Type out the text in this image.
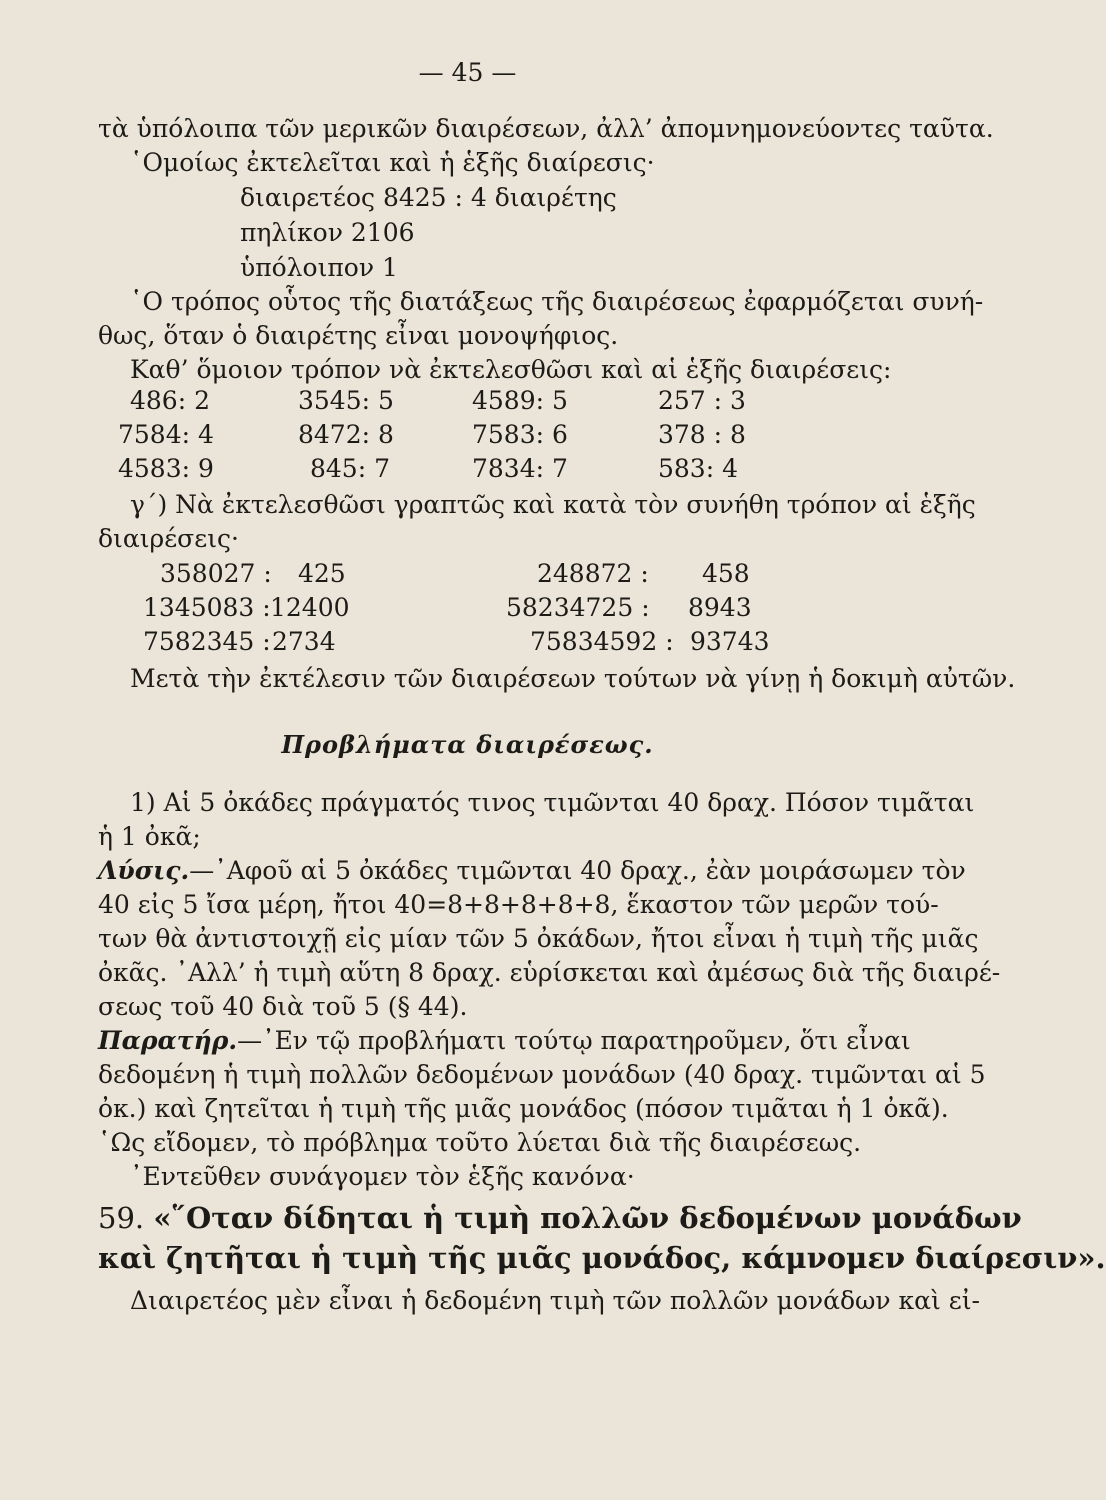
— 45 —
τὰ ὑπόλοιπα τῶν μερικῶν διαιρέσεων, ἀλλ’ ἀπομνημονεύοντες ταῦτα.
῾Ομοίως ἐκτελεῖται καὶ ἡ ἑξῆς διαίρεσις·
διαιρετέος 8425 : 4 διαιρέτης
πηλίκον 2106
ὑπόλοιπον 1
῾Ο τρόπος οὗτος τῆς διατάξεως τῆς διαιρέσεως ἐφαρμόζεται συνή-
θως, ὅταν ὁ διαιρέτης εἶναι μονοψήφιος.
Καθ’ ὅμοιον τρόπον νὰ ἐκτελεσθῶσι καὶ αἱ ἑξῆς διαιρέσεις:
486: 2	3545: 5	4589: 5	257 : 3
7584: 4	8472: 8	7583: 6	378 : 8
4583: 9	845: 7	7834: 7	583: 4
γ΄) Νὰ ἐκτελεσθῶσι γραπτῶς καὶ κατὰ τὸν συνήθη τρόπον αἱ ἑξῆς
διαιρέσεις·
358027 : 425	248872 : 458
1345083 : 12400	58234725 : 8943
7582345 : 2734	75834592 : 93743
Μετὰ τὴν ἐκτέλεσιν τῶν διαιρέσεων τούτων νὰ γίνῃ ἡ δοκιμὴ αὐτῶν.
Προβλήματα διαιρέσεως.
1) Αἱ 5 ὀκάδες πράγματός τινος τιμῶνται 40 δραχ. Πόσον τιμᾶται
ἡ 1 ὀκᾶ;
Λύσις.—᾽Αφοῦ αἱ 5 ὀκάδες τιμῶνται 40 δραχ., ἐὰν μοιράσωμεν τὸν
40 εἰς 5 ἴσα μέρη, ἤτοι 40=8+8+8+8+8, ἕκαστον τῶν μερῶν τού-
των θὰ ἀντιστοιχῇ εἰς μίαν τῶν 5 ὀκάδων, ἤτοι εἶναι ἡ τιμὴ τῆς μιᾶς
ὀκᾶς. ᾽Αλλ’ ἡ τιμὴ αὕτη 8 δραχ. εὑρίσκεται καὶ ἀμέσως διὰ τῆς διαιρέ-
σεως τοῦ 40 διὰ τοῦ 5 (§ 44).
Παρατήρ.—᾽Εν τῷ προβλήματι τούτῳ παρατηροῦμεν, ὅτι εἶναι
δεδομένη ἡ τιμὴ πολλῶν δεδομένων μονάδων (40 δραχ. τιμῶνται αἱ 5
ὀκ.) καὶ ζητεῖται ἡ τιμὴ τῆς μιᾶς μονάδος (πόσον τιμᾶται ἡ 1 ὀκᾶ).
῾Ως εἴδομεν, τὸ πρόβλημα τοῦτο λύεται διὰ τῆς διαιρέσεως.
᾽Εντεῦθεν συνάγομεν τὸν ἑξῆς κανόνα·
59. «῞Οταν δίδηται ἡ τιμὴ πολλῶν δεδομένων μονάδων
καὶ ζητῆται ἡ τιμὴ τῆς μιᾶς μονάδος, κάμνομεν διαίρεσιν».
Διαιρετέος μὲν εἶναι ἡ δεδομένη τιμὴ τῶν πολλῶν μονάδων καὶ εἰ-
